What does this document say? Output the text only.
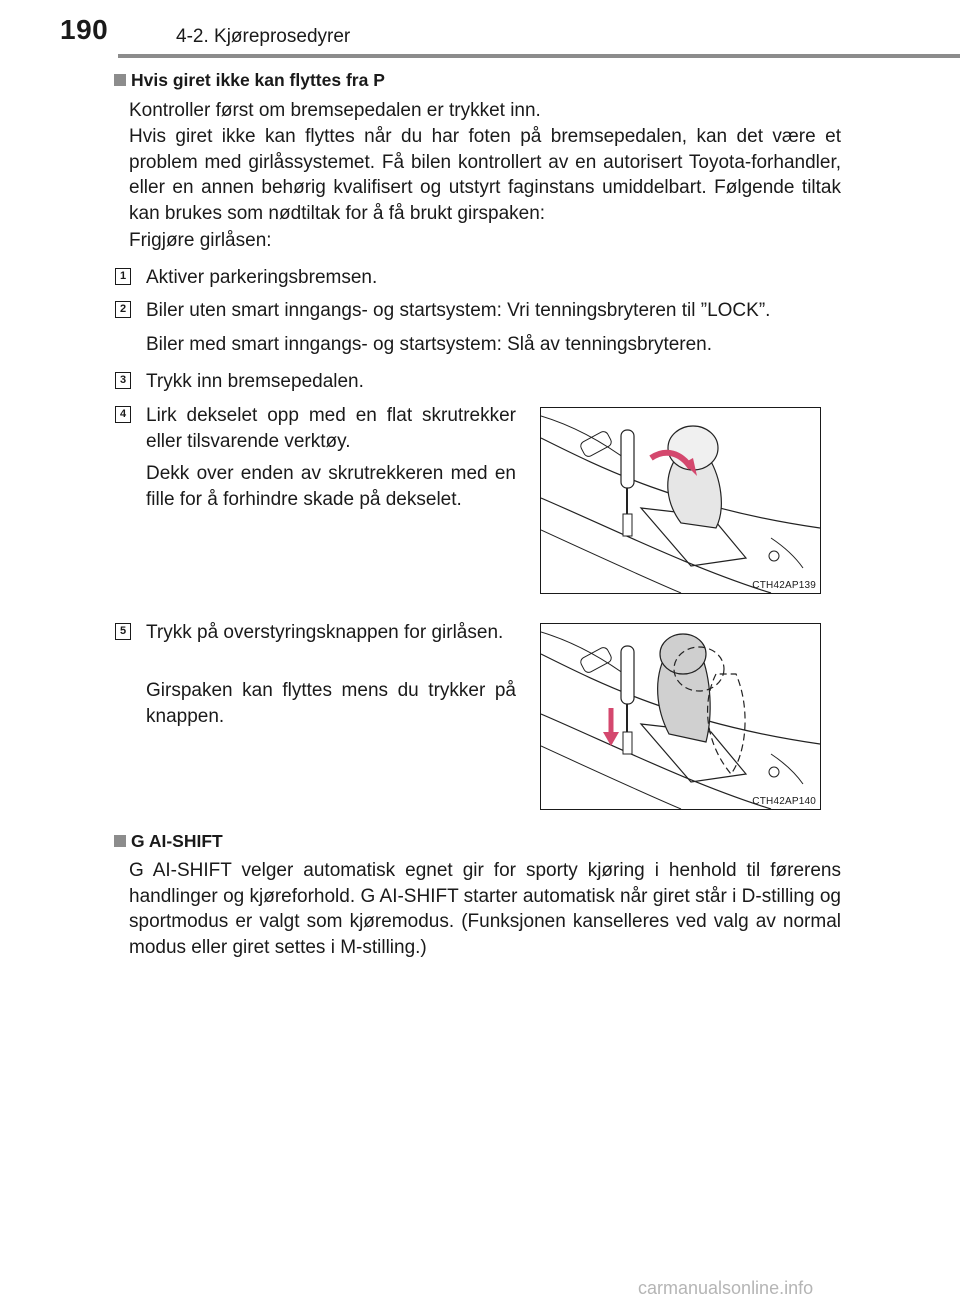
190	4-2. Kjøreprosedyrer
Hvis giret ikke kan flyttes fra P
Kontroller først om bremsepedalen er trykket inn.
Hvis giret ikke kan flyttes når du har foten på bremsepedalen, kan det være et problem med girlåssystemet. Få bilen kontrollert av en autorisert Toyota-forhandler, eller en annen behørig kvalifisert og utstyrt faginstans umiddelbart. Følgende tiltak kan brukes som nødtiltak for å få brukt girspaken:
Frigjøre girlåsen:
1 Aktiver parkeringsbremsen.
2 Biler uten smart inngangs- og startsystem: Vri tenningsbryteren til ”LOCK”.
Biler med smart inngangs- og startsystem: Slå av tenningsbryteren.
3 Trykk inn bremsepedalen.
4 Lirk dekselet opp med en flat skrutrekker eller tilsvarende verktøy.
Dekk over enden av skrutrekkeren med en fille for å forhindre skade på dekselet.
CTH42AP139
5 Trykk på overstyringsknappen for girlåsen.
Girspaken kan flyttes mens du trykker på knappen.
CTH42AP140
G AI-SHIFT
G AI-SHIFT velger automatisk egnet gir for sporty kjøring i henhold til førerens handlinger og kjøreforhold. G AI-SHIFT starter automatisk når giret står i D-stilling og sportmodus er valgt som kjøremodus. (Funksjonen kanselleres ved valg av normal modus eller giret settes i M-stilling.)
carmanualsonline.info
